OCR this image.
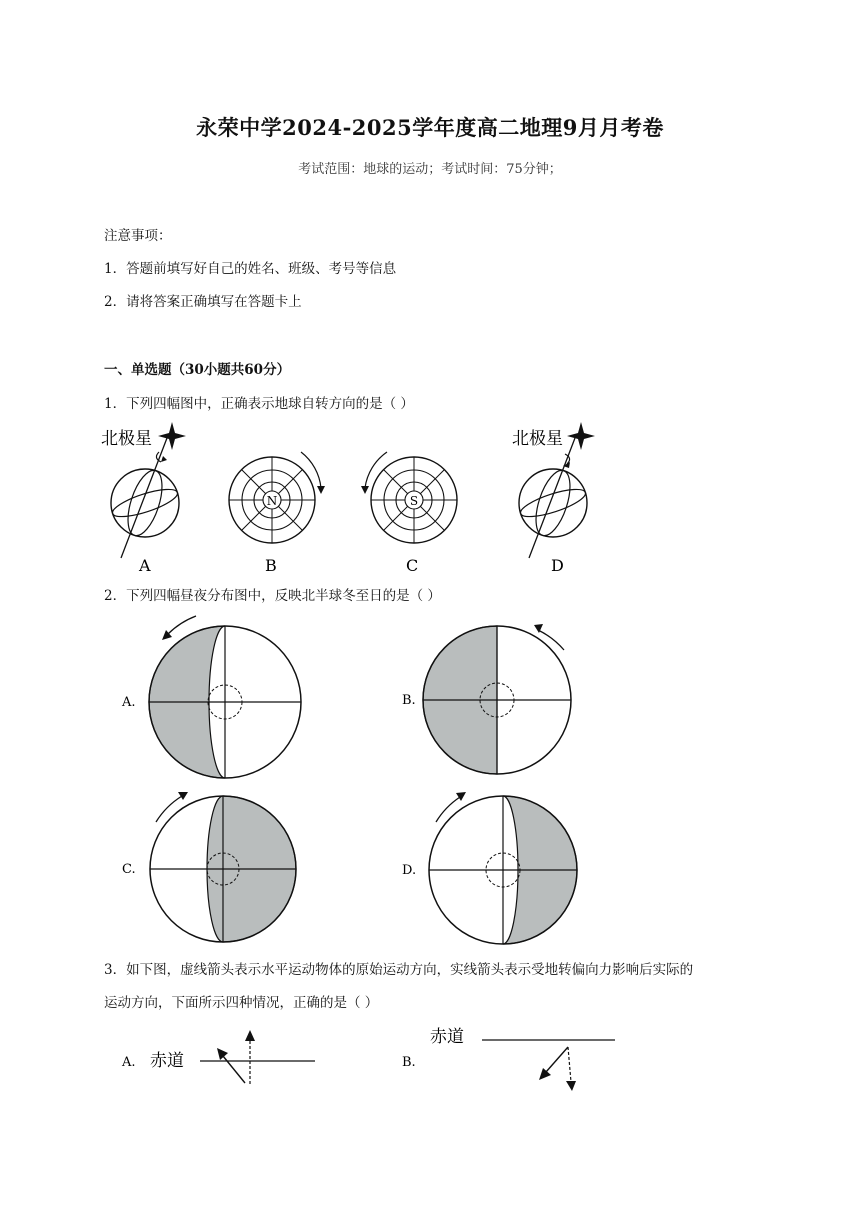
永荣中学2024-2025学年度高二地理9月月考卷
考试范围：地球的运动；考试时间：75分钟；
注意事项：
1．答题前填写好自己的姓名、班级、考号等信息
2．请将答案正确填写在答题卡上
一、单选题（30小题共60分）
1．下列四幅图中，正确表示地球自转方向的是（ ）
北极星
A
N
B
S
C
北极星
D
2．下列四幅昼夜分布图中，反映北半球冬至日的是（ ）
A.	B.
C.	D.
3．如下图，虚线箭头表示水平运动物体的原始运动方向，实线箭头表示受地转偏向力影响后实际的
运动方向，下面所示四种情况，正确的是（ ）
A. 赤道
赤道
B.
